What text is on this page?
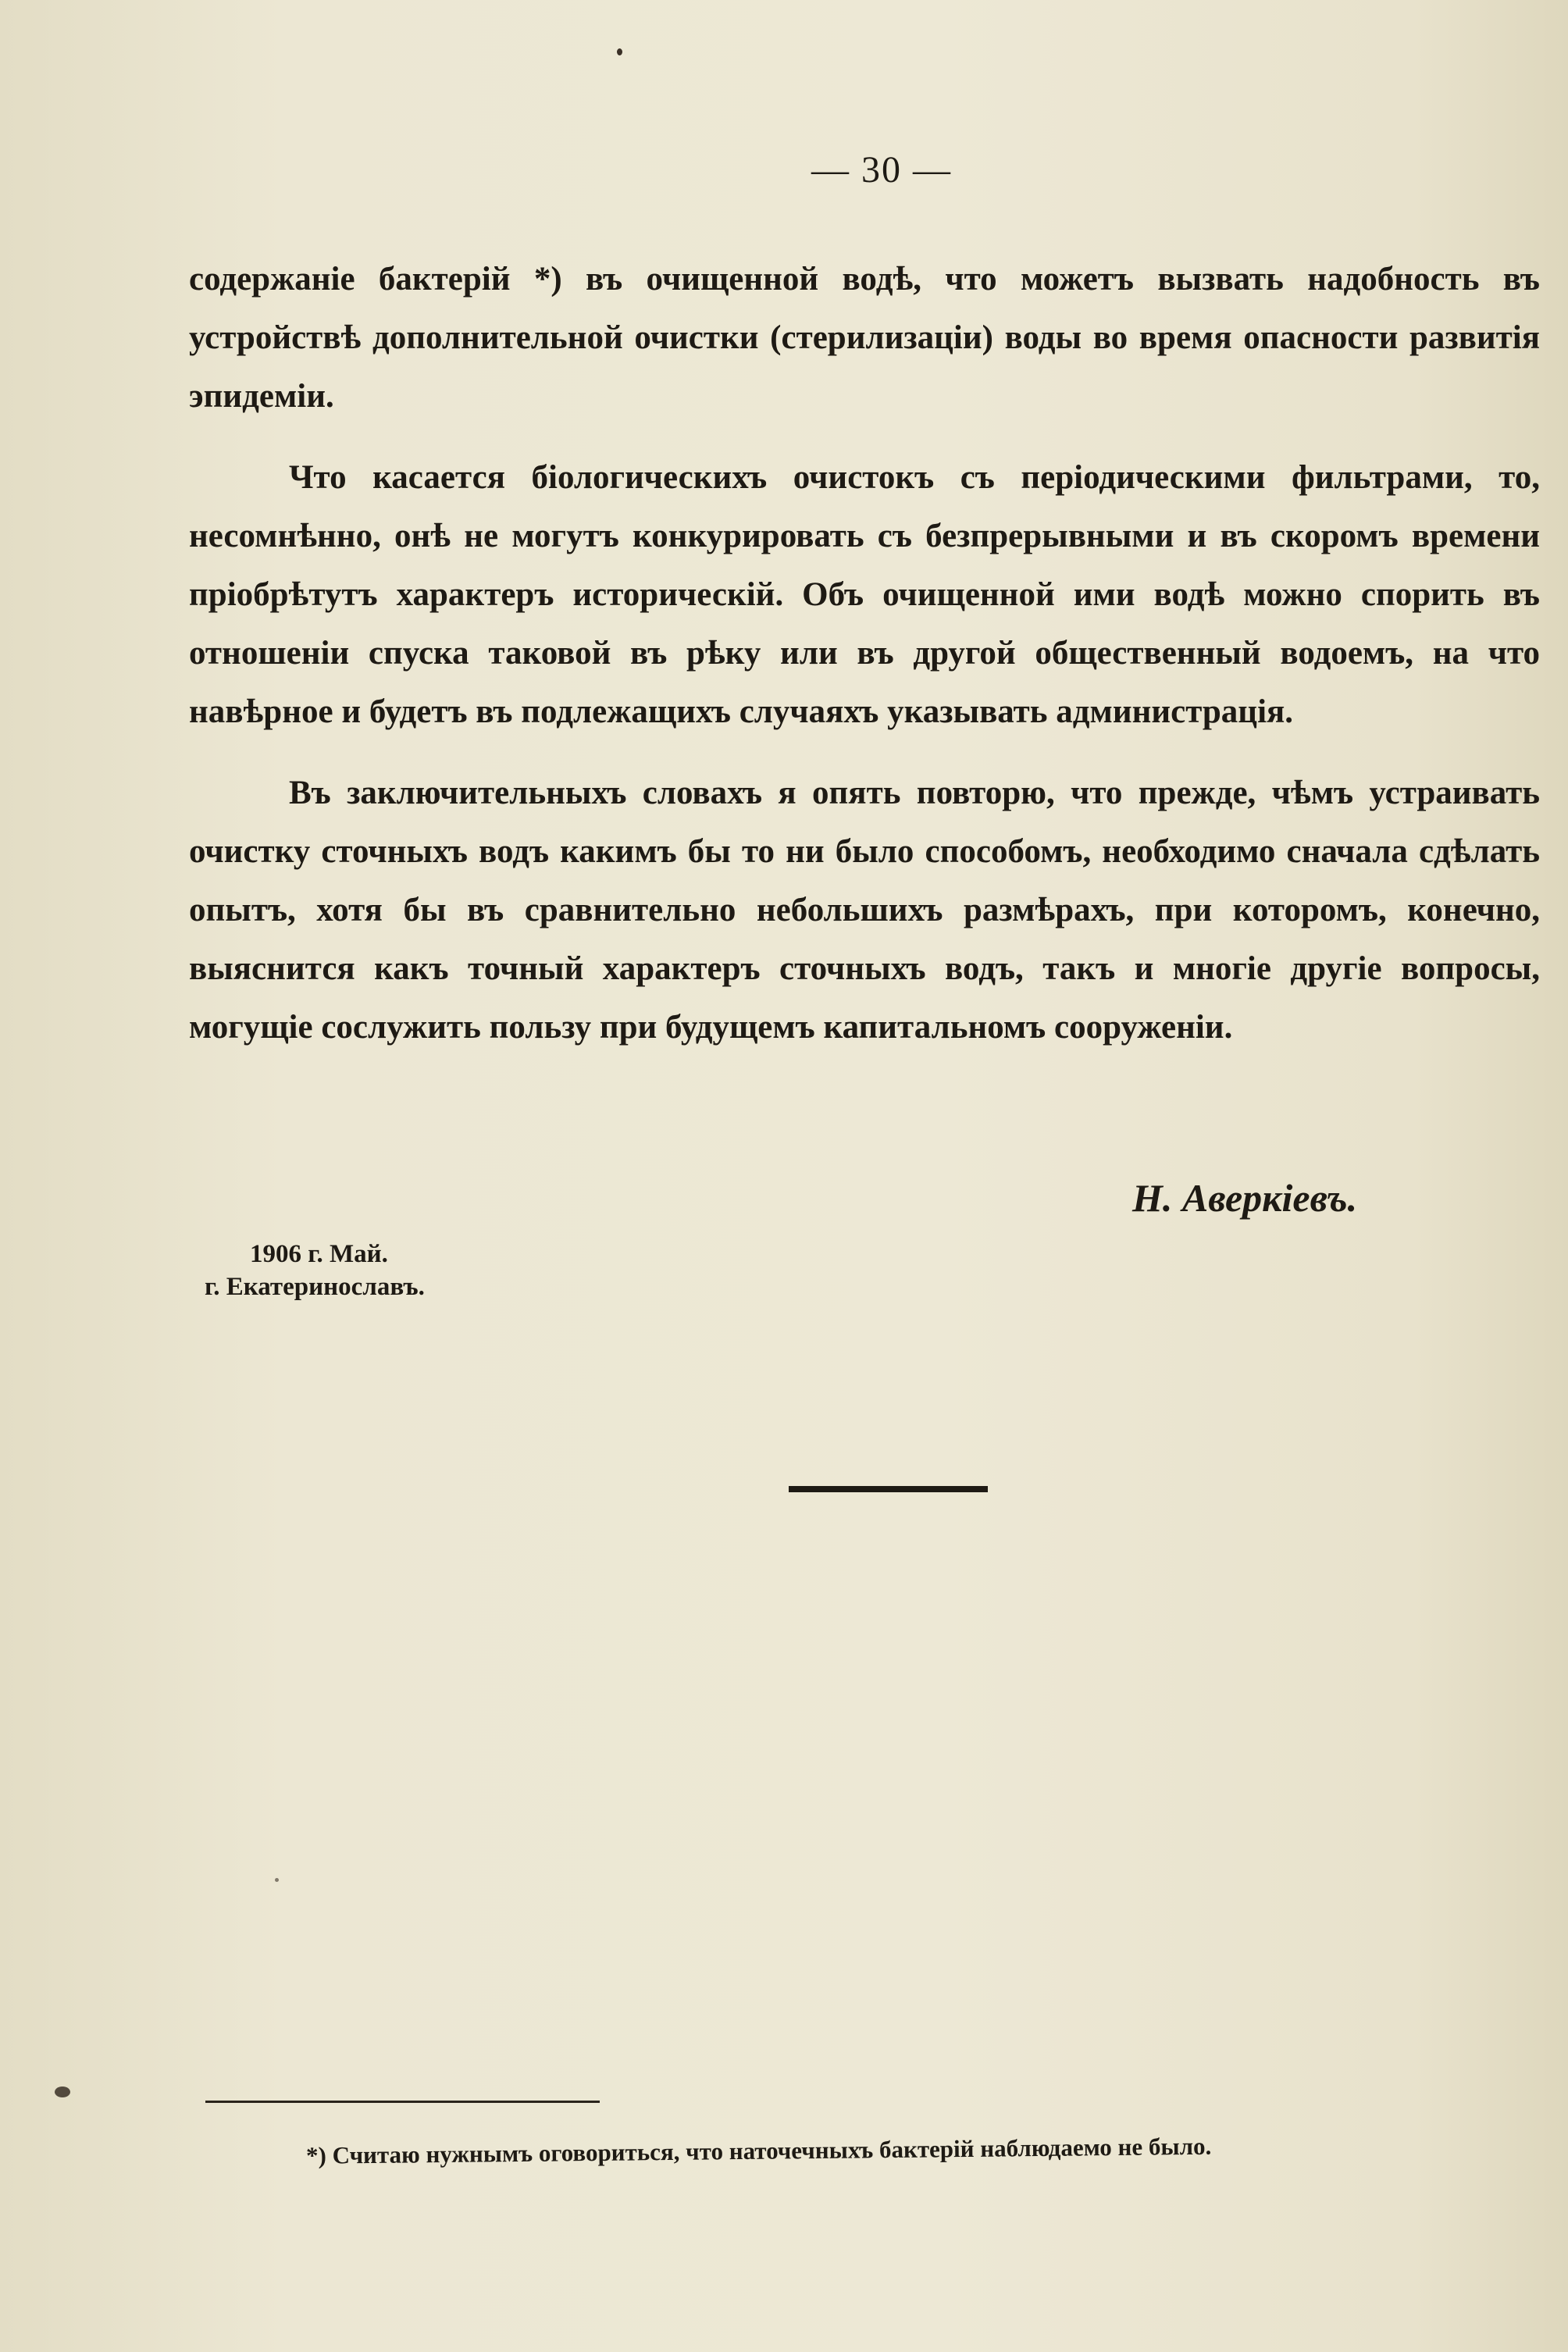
— 30 —

содержаніе бактерій *) въ очищенной водѣ, что можетъ вызвать надобность въ устройствѣ дополнительной очистки (стерилизаціи) воды во время опасности развитія эпидеміи.

Что касается біологическихъ очистокъ съ періодическими фильтрами, то, несомнѣнно, онѣ не могутъ конкурировать съ безпрерывными и въ скоромъ времени пріобрѣтутъ характеръ историческій. Объ очищенной ими водѣ можно спорить въ отношеніи спуска таковой въ рѣку или въ другой общественный водоемъ, на что навѣрное и будетъ въ подлежащихъ случаяхъ указывать администрація.

Въ заключительныхъ словахъ я опять повторю, что прежде, чѣмъ устраивать очистку сточныхъ водъ какимъ бы то ни было способомъ, необходимо сначала сдѣлать опытъ, хотя бы въ сравнительно небольшихъ размѣрахъ, при которомъ, конечно, выяснится какъ точный характеръ сточныхъ водъ, такъ и многіе другіе вопросы, могущіе сослужить пользу при будущемъ капитальномъ сооруженіи.

Н. Аверкіевъ.
1906 г. Май.
г. Екатеринославъ.
*) Считаю нужнымъ оговориться, что наточечныхъ бактерій наблюдаемо не было.
